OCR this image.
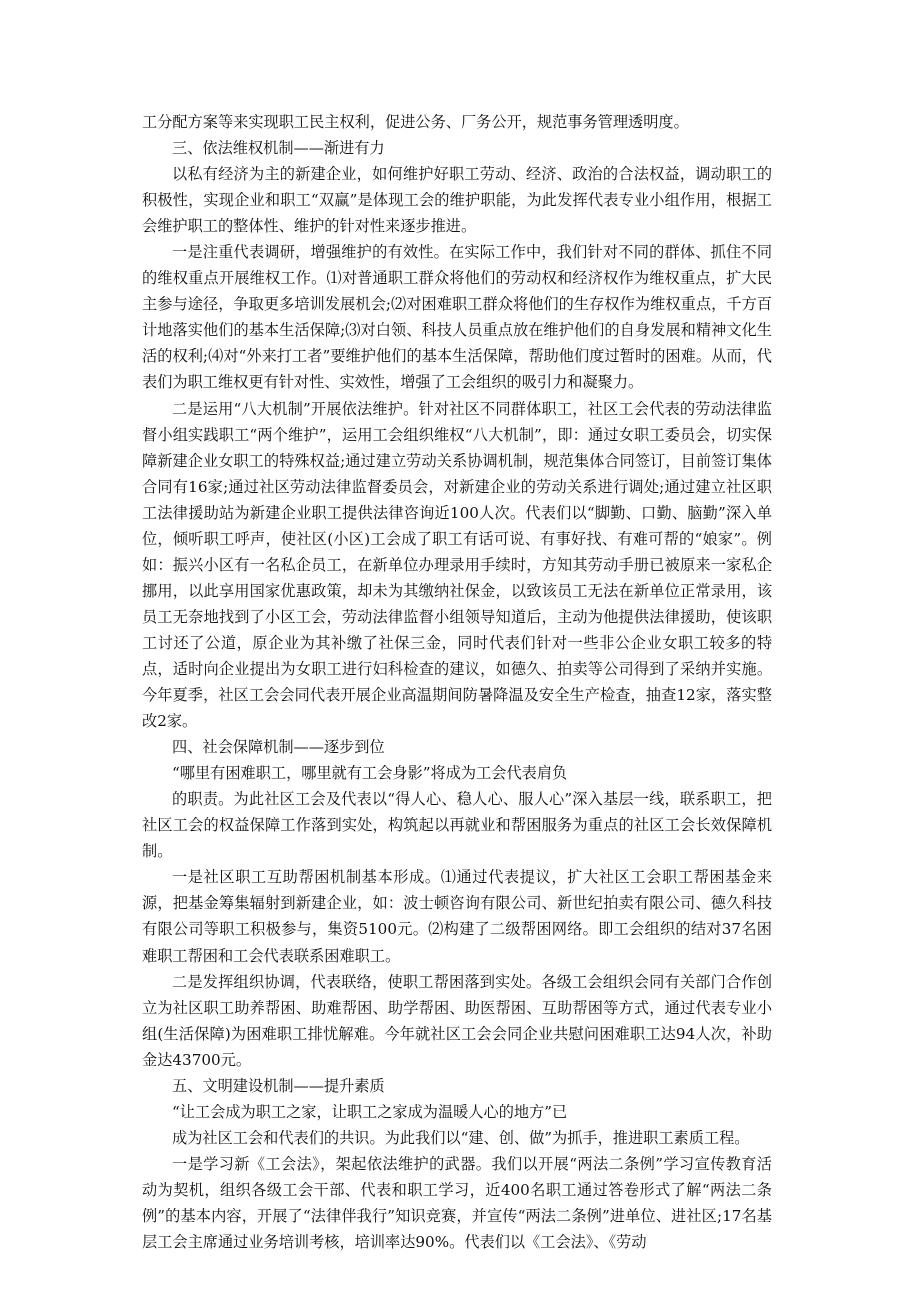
工分配方案等来实现职工民主权利，促进公务、厂务公开，规范事务管理透明度。

三、依法维权机制——渐进有力

以私有经济为主的新建企业，如何维护好职工劳动、经济、政治的合法权益，调动职工的积极性，实现企业和职工“双赢”是体现工会的维护职能，为此发挥代表专业小组作用，根据工会维护职工的整体性、维护的针对性来逐步推进。

一是注重代表调研，增强维护的有效性。在实际工作中，我们针对不同的群体、抓住不同的维权重点开展维权工作。⑴对普通职工群众将他们的劳动权和经济权作为维权重点，扩大民主参与途径，争取更多培训发展机会;⑵对困难职工群众将他们的生存权作为维权重点，千方百计地落实他们的基本生活保障;⑶对白领、科技人员重点放在维护他们的自身发展和精神文化生活的权利;⑷对“外来打工者”要维护他们的基本生活保障，帮助他们度过暂时的困难。从而，代表们为职工维权更有针对性、实效性，增强了工会组织的吸引力和凝聚力。

二是运用“八大机制”开展依法维护。针对社区不同群体职工，社区工会代表的劳动法律监督小组实践职工“两个维护”，运用工会组织维权“八大机制”，即：通过女职工委员会，切实保障新建企业女职工的特殊权益;通过建立劳动关系协调机制，规范集体合同签订，目前签订集体合同有16家;通过社区劳动法律监督委员会，对新建企业的劳动关系进行调处;通过建立社区职工法律援助站为新建企业职工提供法律咨询近100人次。代表们以“脚勤、口勤、脑勤”深入单位，倾听职工呼声，使社区(小区)工会成了职工有话可说、有事好找、有难可帮的“娘家”。例如：振兴小区有一名私企员工，在新单位办理录用手续时，方知其劳动手册已被原来一家私企挪用，以此享用国家优惠政策，却未为其缴纳社保金，以致该员工无法在新单位正常录用，该员工无奈地找到了小区工会，劳动法律监督小组领导知道后，主动为他提供法律援助，使该职工讨还了公道，原企业为其补缴了社保三金，同时代表们针对一些非公企业女职工较多的特点，适时向企业提出为女职工进行妇科检查的建议，如德久、拍卖等公司得到了采纳并实施。今年夏季，社区工会会同代表开展企业高温期间防暑降温及安全生产检查，抽查12家，落实整改2家。

四、社会保障机制——逐步到位

“哪里有困难职工，哪里就有工会身影”将成为工会代表肩负

的职责。为此社区工会及代表以“得人心、稳人心、服人心”深入基层一线，联系职工，把社区工会的权益保障工作落到实处，构筑起以再就业和帮困服务为重点的社区工会长效保障机制。

一是社区职工互助帮困机制基本形成。⑴通过代表提议，扩大社区工会职工帮困基金来源，把基金筹集辐射到新建企业，如：波士顿咨询有限公司、新世纪拍卖有限公司、德久科技有限公司等职工积极参与，集资5100元。⑵构建了二级帮困网络。即工会组织的结对37名困难职工帮困和工会代表联系困难职工。

二是发挥组织协调，代表联络，使职工帮困落到实处。各级工会组织会同有关部门合作创立为社区职工助养帮困、助难帮困、助学帮困、助医帮困、互助帮困等方式，通过代表专业小组(生活保障)为困难职工排忧解难。今年就社区工会会同企业共慰问困难职工达94人次，补助金达43700元。

五、文明建设机制——提升素质

“让工会成为职工之家，让职工之家成为温暖人心的地方”已

成为社区工会和代表们的共识。为此我们以“建、创、做”为抓手，推进职工素质工程。

一是学习新《工会法》，架起依法维护的武器。我们以开展“两法二条例”学习宣传教育活动为契机，组织各级工会干部、代表和职工学习，近400名职工通过答卷形式了解“两法二条例”的基本内容，开展了“法律伴我行”知识竞赛，并宣传“两法二条例”进单位、进社区;17名基层工会主席通过业务培训考核，培训率达90%。代表们以《工会法》、《劳动
